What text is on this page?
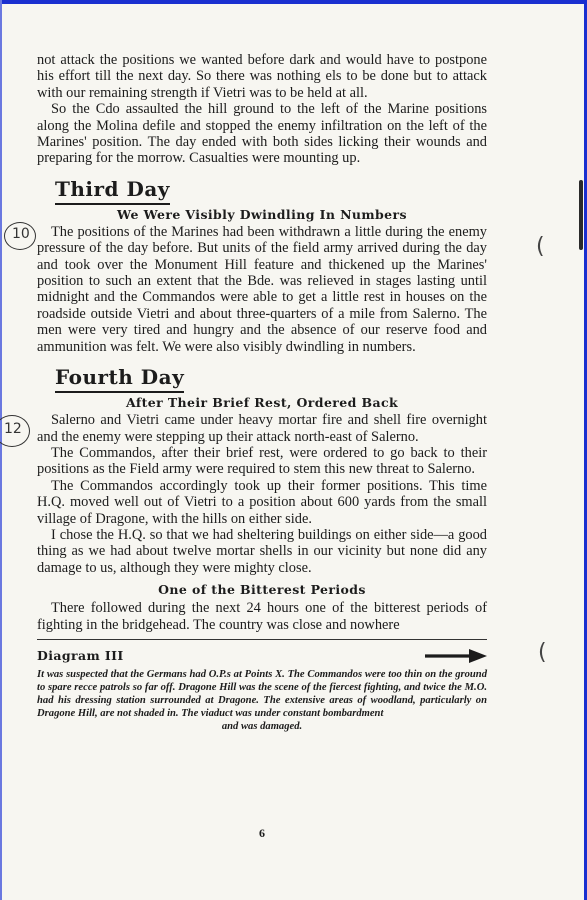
not attack the positions we wanted before dark and would have to postpone his effort till the next day. So there was nothing els to be done but to attack with our remaining strength if Vietri was to be held at all.

So the Cdo assaulted the hill ground to the left of the Marine positions along the Molina defile and stopped the enemy infiltration on the left of the Marines' position. The day ended with both sides licking their wounds and preparing for the morrow. Casualties were mounting up.

Third Day
We Were Visibly Dwindling In Numbers

The positions of the Marines had been withdrawn a little during the enemy pressure of the day before. But units of the field army arrived during the day and took over the Monument Hill feature and thickened up the Marines' position to such an extent that the Bde. was relieved in stages lasting until midnight and the Commandos were able to get a little rest in houses on the roadside outside Vietri and about three-quarters of a mile from Salerno. The men were very tired and hungry and the absence of our reserve food and ammunition was felt. We were also visibly dwindling in numbers.

Fourth Day
After Their Brief Rest, Ordered Back

Salerno and Vietri came under heavy mortar fire and shell fire overnight and the enemy were stepping up their attack north-east of Salerno.

The Commandos, after their brief rest, were ordered to go back to their positions as the Field army were required to stem this new threat to Salerno.

The Commandos accordingly took up their former positions. This time H.Q. moved well out of Vietri to a position about 600 yards from the small village of Dragone, with the hills on either side.

I chose the H.Q. so that we had sheltering buildings on either side—a good thing as we had about twelve mortar shells in our vicinity but none did any damage to us, although they were mighty close.

One of the Bitterest Periods

There followed during the next 24 hours one of the bitterest periods of fighting in the bridgehead. The country was close and nowhere

Diagram III
It was suspected that the Germans had O.P.s at Points X. The Commandos were too thin on the ground to spare recce patrols so far off. Dragone Hill was the scene of the fiercest fighting, and twice the M.O. had his dressing station surrounded at Dragone. The extensive areas of woodland, particularly on Dragone Hill, are not shaded in. The viaduct was under constant bombardment
and was damaged.
6
10
12
(
(
